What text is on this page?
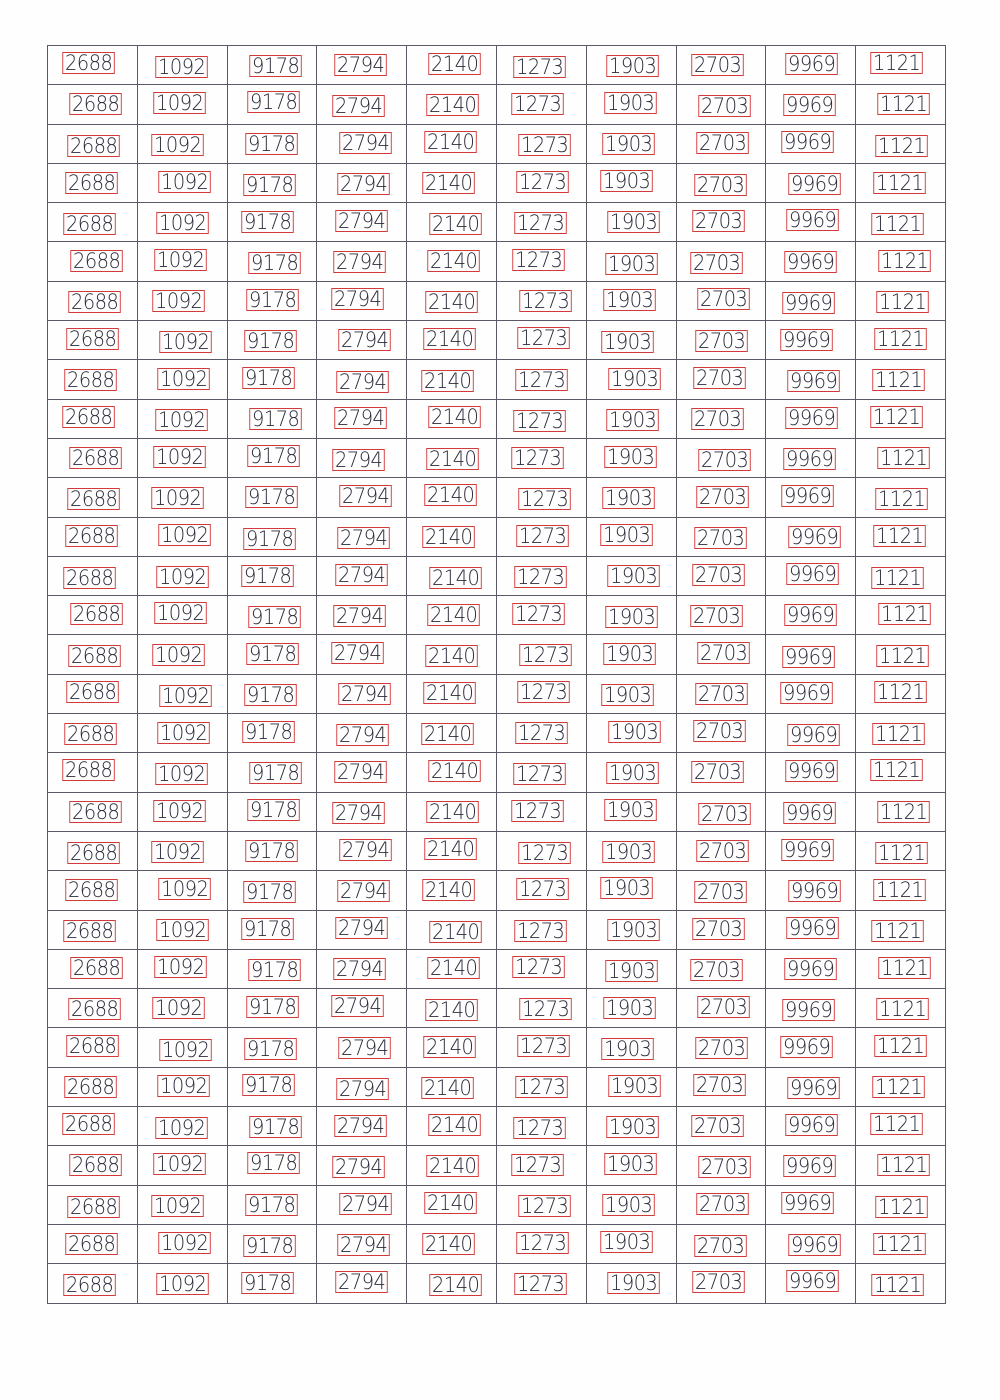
2688	1092	9178	2794	2140	1273	1903	2703	9969	1121
2688	1092	9178	2794	2140	1273	1903	2703	9969	1121
2688	1092	9178	2794	2140	1273	1903	2703	9969	1121
2688	1092	9178	2794	2140	1273	1903	2703	9969	1121
2688	1092	9178	2794	2140	1273	1903	2703	9969	1121
2688	1092	9178	2794	2140	1273	1903	2703	9969	1121
2688	1092	9178	2794	2140	1273	1903	2703	9969	1121
2688	1092	9178	2794	2140	1273	1903	2703	9969	1121
2688	1092	9178	2794	2140	1273	1903	2703	9969	1121
2688	1092	9178	2794	2140	1273	1903	2703	9969	1121
2688	1092	9178	2794	2140	1273	1903	2703	9969	1121
2688	1092	9178	2794	2140	1273	1903	2703	9969	1121
2688	1092	9178	2794	2140	1273	1903	2703	9969	1121
2688	1092	9178	2794	2140	1273	1903	2703	9969	1121
2688	1092	9178	2794	2140	1273	1903	2703	9969	1121
2688	1092	9178	2794	2140	1273	1903	2703	9969	1121
2688	1092	9178	2794	2140	1273	1903	2703	9969	1121
2688	1092	9178	2794	2140	1273	1903	2703	9969	1121
2688	1092	9178	2794	2140	1273	1903	2703	9969	1121
2688	1092	9178	2794	2140	1273	1903	2703	9969	1121
2688	1092	9178	2794	2140	1273	1903	2703	9969	1121
2688	1092	9178	2794	2140	1273	1903	2703	9969	1121
2688	1092	9178	2794	2140	1273	1903	2703	9969	1121
2688	1092	9178	2794	2140	1273	1903	2703	9969	1121
2688	1092	9178	2794	2140	1273	1903	2703	9969	1121
2688	1092	9178	2794	2140	1273	1903	2703	9969	1121
2688	1092	9178	2794	2140	1273	1903	2703	9969	1121
2688	1092	9178	2794	2140	1273	1903	2703	9969	1121
2688	1092	9178	2794	2140	1273	1903	2703	9969	1121
2688	1092	9178	2794	2140	1273	1903	2703	9969	1121
2688	1092	9178	2794	2140	1273	1903	2703	9969	1121
2688	1092	9178	2794	2140	1273	1903	2703	9969	1121
